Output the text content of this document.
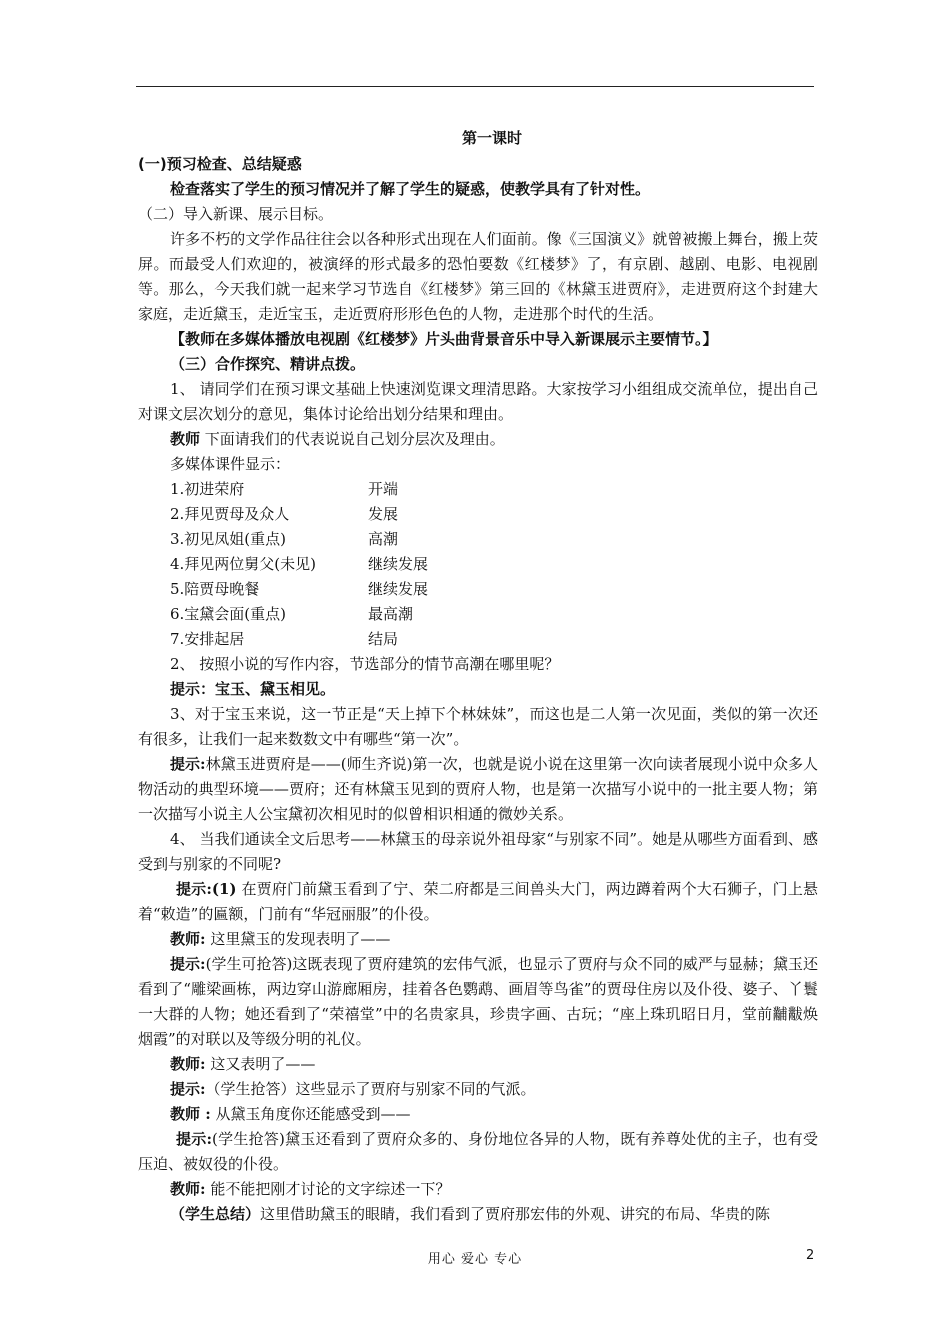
第一课时

(一)预习检查、总结疑惑

检查落实了学生的预习情况并了解了学生的疑惑，使教学具有了针对性。

（二）导入新课、展示目标。

许多不朽的文学作品往往会以各种形式出现在人们面前。像《三国演义》就曾被搬上舞台，搬上荧屏。而最受人们欢迎的，被演绎的形式最多的恐怕要数《红楼梦》了，有京剧、越剧、电影、电视剧等。那么，今天我们就一起来学习节选自《红楼梦》第三回的《林黛玉进贾府》，走进贾府这个封建大家庭，走近黛玉，走近宝玉，走近贾府形形色色的人物，走进那个时代的生活。

【教师在多媒体播放电视剧《红楼梦》片头曲背景音乐中导入新课展示主要情节。】

（三）合作探究、精讲点拨。

1、 请同学们在预习课文基础上快速浏览课文理清思路。大家按学习小组组成交流单位，提出自己对课文层次划分的意见，集体讨论给出划分结果和理由。

教师 下面请我们的代表说说自己划分层次及理由。

多媒体课件显示：

1.初进荣府	开端
2.拜见贾母及众人	发展
3.初见凤姐(重点)	高潮
4.拜见两位舅父(未见)	继续发展
5.陪贾母晚餐	继续发展
6.宝黛会面(重点)	最高潮
7.安排起居	结局

2、 按照小说的写作内容，节选部分的情节高潮在哪里呢？

提示：宝玉、黛玉相见。

3、对于宝玉来说，这一节正是“天上掉下个林妹妹”，而这也是二人第一次见面，类似的第一次还有很多，让我们一起来数数文中有哪些“第一次”。

提示:林黛玉进贾府是——(师生齐说)第一次，也就是说小说在这里第一次向读者展现小说中众多人物活动的典型环境——贾府；还有林黛玉见到的贾府人物，也是第一次描写小说中的一批主要人物；第一次描写小说主人公宝黛初次相见时的似曾相识相通的微妙关系。

4、 当我们通读全文后思考——林黛玉的母亲说外祖母家“与别家不同”。她是从哪些方面看到、感受到与别家的不同呢?

提示:(1) 在贾府门前黛玉看到了宁、荣二府都是三间兽头大门，两边蹲着两个大石狮子，门上悬着“敕造”的匾额，门前有“华冠丽服”的仆役。

教师: 这里黛玉的发现表明了——

提示:(学生可抢答)这既表现了贾府建筑的宏伟气派，也显示了贾府与众不同的威严与显赫；黛玉还看到了“雕梁画栋，两边穿山游廊厢房，挂着各色鹦鹉、画眉等鸟雀”的贾母住房以及仆役、婆子、丫鬟一大群的人物；她还看到了“荣禧堂”中的名贵家具，珍贵字画、古玩；“座上珠玑昭日月，堂前黼黻焕烟霞”的对联以及等级分明的礼仪。

教师: 这又表明了——

提示:（学生抢答）这些显示了贾府与别家不同的气派。

教师 : 从黛玉角度你还能感受到——

提示:(学生抢答)黛玉还看到了贾府众多的、身份地位各异的人物，既有养尊处优的主子，也有受压迫、被奴役的仆役。

教师: 能不能把刚才讨论的文字综述一下？

（学生总结）这里借助黛玉的眼睛，我们看到了贾府那宏伟的外观、讲究的布局、华贵的陈

用心 爱心 专心	2
